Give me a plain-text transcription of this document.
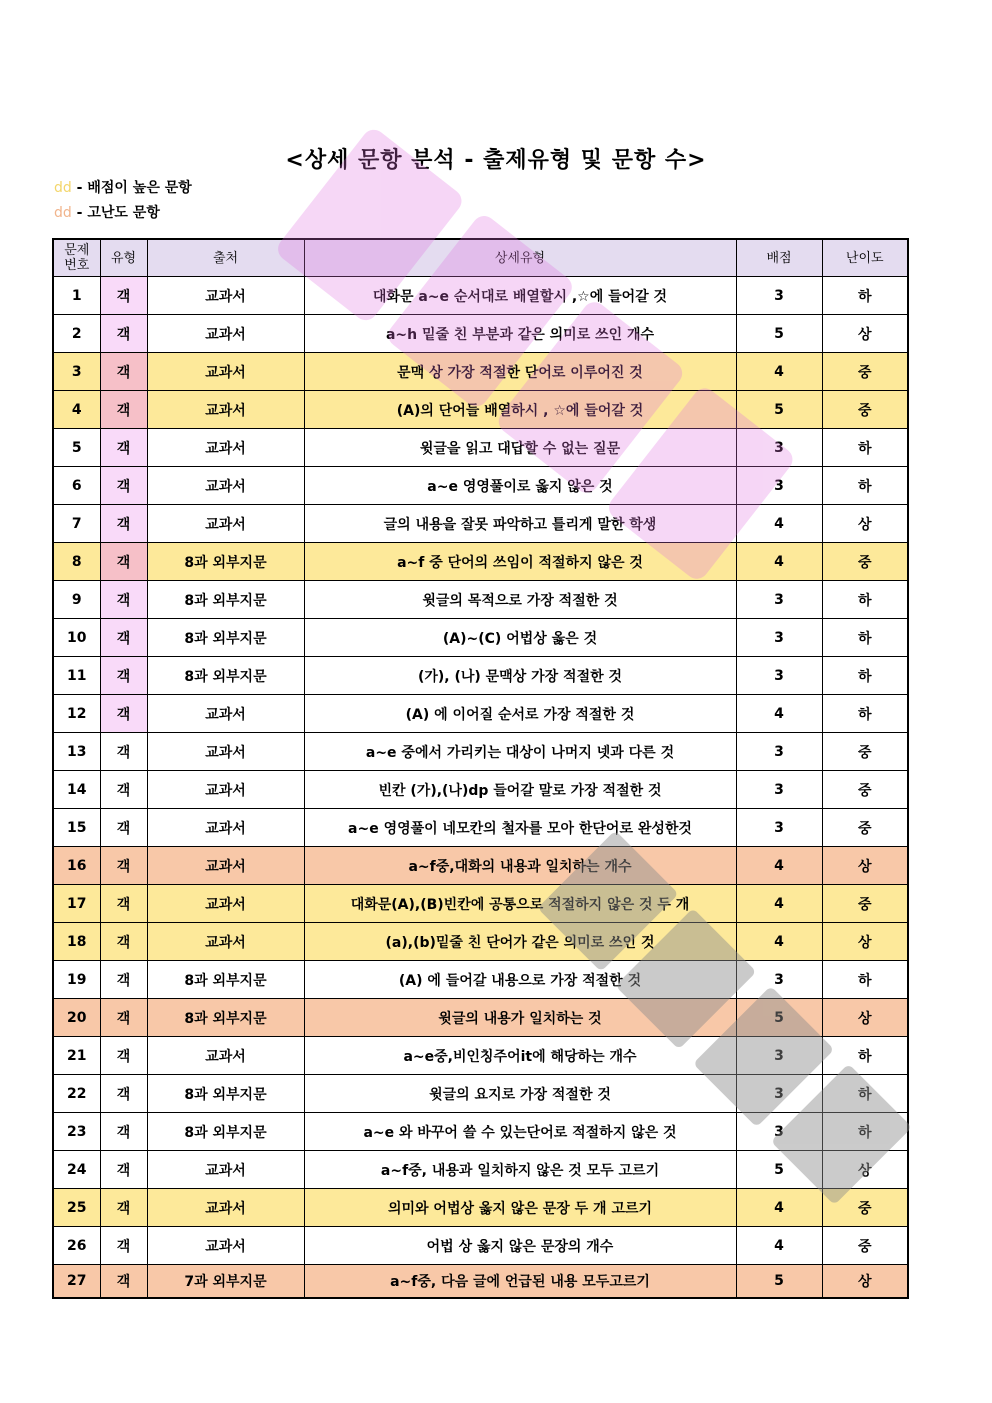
<상세 문항 분석 - 출제유형 및 문항 수>
dd - 배점이 높은 문항
dd - 고난도 문항
문제
번호	유형	출처	상세유형	배점	난이도
1	객	교과서	대화문 a~e 순서대로 배열할시 ,☆에 들어갈 것	3	하
2	객	교과서	a~h 밑줄 친 부분과 같은 의미로 쓰인 개수	5	상
3	객	교과서	문맥 상 가장 적절한 단어로 이루어진 것	4	중
4	객	교과서	(A)의 단어들 배열하시 , ☆에 들어갈 것	5	중
5	객	교과서	윗글을 읽고 대답할 수 없는 질문	3	하
6	객	교과서	a~e 영영풀이로 옳지 않은 것	3	하
7	객	교과서	글의 내용을 잘못 파악하고 틀리게 말한 학생	4	상
8	객	8과 외부지문	a~f 중 단어의 쓰임이 적절하지 않은 것	4	중
9	객	8과 외부지문	윗글의 목적으로 가장 적절한 것	3	하
10	객	8과 외부지문	(A)~(C) 어법상 옳은 것	3	하
11	객	8과 외부지문	(가), (나) 문맥상 가장 적절한 것	3	하
12	객	교과서	(A) 에 이어질 순서로 가장 적절한 것	4	하
13	객	교과서	a~e 중에서 가리키는 대상이 나머지 넷과 다른 것	3	중
14	객	교과서	빈칸 (가),(나)dp 들어갈 말로 가장 적절한 것	3	중
15	객	교과서	a~e 영영풀이 네모칸의 철자를 모아 한단어로 완성한것	3	중
16	객	교과서	a~f중,대화의 내용과 일치하는 개수	4	상
17	객	교과서	대화문(A),(B)빈칸에 공통으로 적절하지 않은 것 두 개	4	중
18	객	교과서	(a),(b)밑줄 친 단어가 같은 의미로 쓰인 것	4	상
19	객	8과 외부지문	(A) 에 들어갈 내용으로 가장 적절한 것	3	하
20	객	8과 외부지문	윗글의 내용가 일치하는 것	5	상
21	객	교과서	a~e중,비인칭주어it에 해당하는 개수	3	하
22	객	8과 외부지문	윗글의 요지로 가장 적절한 것	3	하
23	객	8과 외부지문	a~e 와 바꾸어 쓸 수 있는단어로 적절하지 않은 것	3	하
24	객	교과서	a~f중, 내용과 일치하지 않은 것 모두 고르기	5	상
25	객	교과서	의미와 어법상 옳지 않은 문장 두 개 고르기	4	중
26	객	교과서	어법 상 옳지 않은 문장의 개수	4	중
27	객	7과 외부지문	a~f중, 다음 글에 언급된 내용 모두고르기	5	상
